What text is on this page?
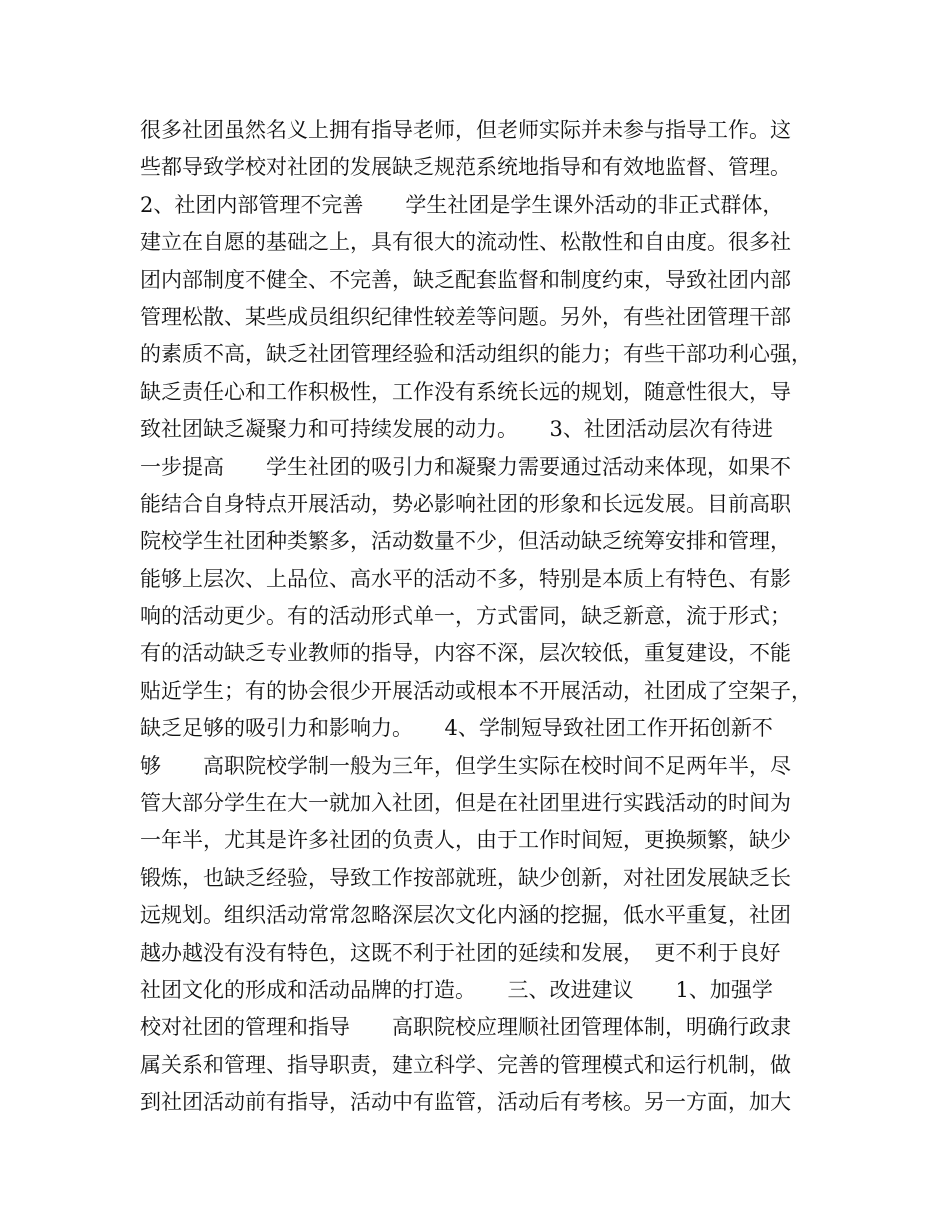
很多社团虽然名义上拥有指导老师，但老师实际并未参与指导工作。这
些都导致学校对社团的发展缺乏规范系统地指导和有效地监督、管理。
2、社团内部管理不完善　　学生社团是学生课外活动的非正式群体，
建立在自愿的基础之上，具有很大的流动性、松散性和自由度。很多社
团内部制度不健全、不完善，缺乏配套监督和制度约束，导致社团内部
管理松散、某些成员组织纪律性较差等问题。另外，有些社团管理干部
的素质不高，缺乏社团管理经验和活动组织的能力；有些干部功利心强，
缺乏责任心和工作积极性，工作没有系统长远的规划，随意性很大，导
致社团缺乏凝聚力和可持续发展的动力。　　3、社团活动层次有待进
一步提高　　学生社团的吸引力和凝聚力需要通过活动来体现，如果不
能结合自身特点开展活动，势必影响社团的形象和长远发展。目前高职
院校学生社团种类繁多，活动数量不少，但活动缺乏统筹安排和管理，
能够上层次、上品位、高水平的活动不多，特别是本质上有特色、有影
响的活动更少。有的活动形式单一，方式雷同，缺乏新意，流于形式；
有的活动缺乏专业教师的指导，内容不深，层次较低，重复建设，不能
贴近学生；有的协会很少开展活动或根本不开展活动，社团成了空架子，
缺乏足够的吸引力和影响力。　　4、学制短导致社团工作开拓创新不
够　　高职院校学制一般为三年，但学生实际在校时间不足两年半，尽
管大部分学生在大一就加入社团，但是在社团里进行实践活动的时间为
一年半，尤其是许多社团的负责人，由于工作时间短，更换频繁，缺少
锻炼，也缺乏经验，导致工作按部就班，缺少创新，对社团发展缺乏长
远规划。组织活动常常忽略深层次文化内涵的挖掘，低水平重复，社团
越办越没有没有特色，这既不利于社团的延续和发展，　更不利于良好
社团文化的形成和活动品牌的打造。　　三、改进建议　　1、加强学
校对社团的管理和指导　　高职院校应理顺社团管理体制，明确行政隶
属关系和管理、指导职责，建立科学、完善的管理模式和运行机制，做
到社团活动前有指导，活动中有监管，活动后有考核。另一方面，加大
